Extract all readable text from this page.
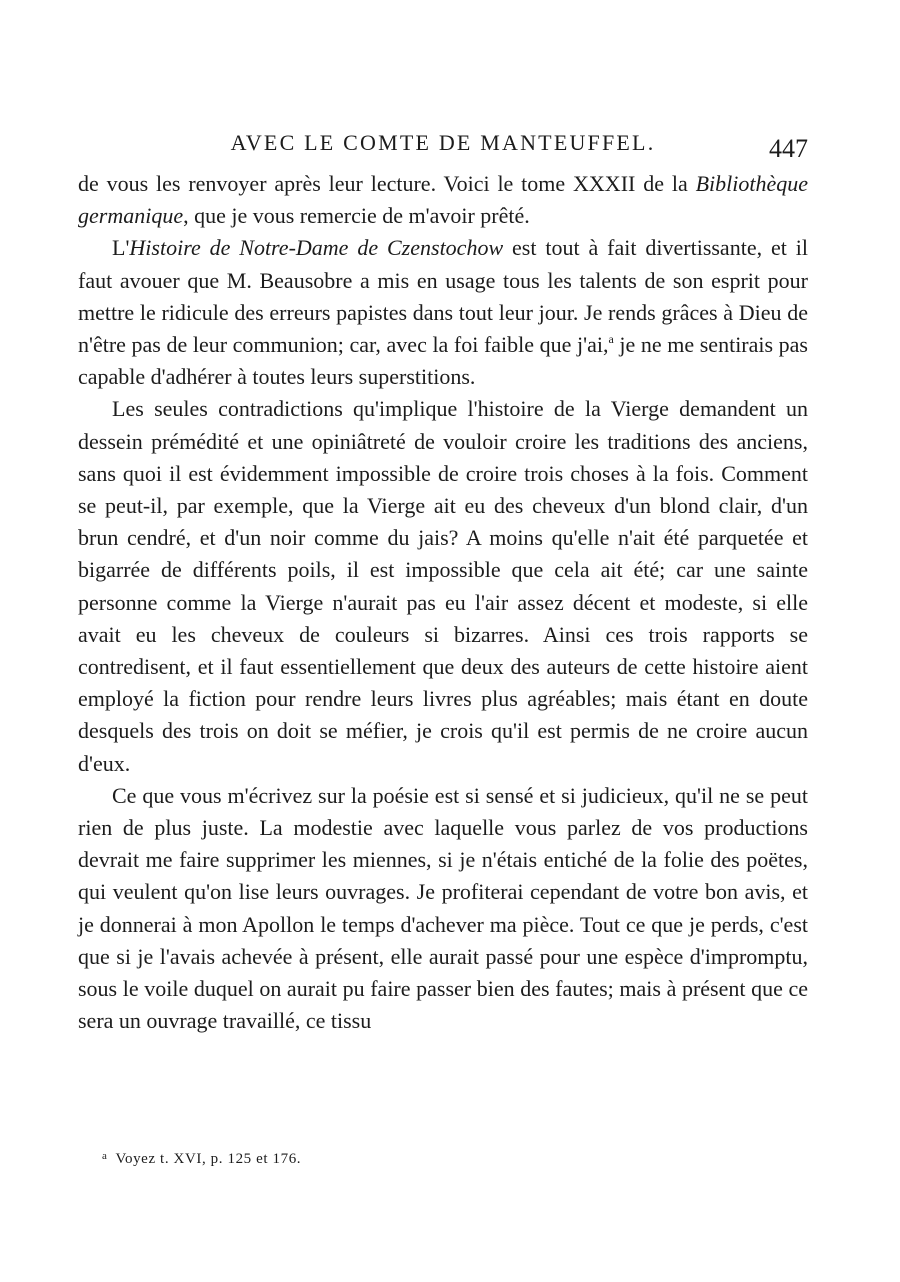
AVEC LE COMTE DE MANTEUFFEL.	447

de vous les renvoyer après leur lecture. Voici le tome XXXII de la Bibliothèque germanique, que je vous remercie de m'avoir prêté.

L'Histoire de Notre-Dame de Czenstochow est tout à fait divertissante, et il faut avouer que M. Beausobre a mis en usage tous les talents de son esprit pour mettre le ridicule des erreurs papistes dans tout leur jour. Je rends grâces à Dieu de n'être pas de leur communion; car, avec la foi faible que j'ai,$^a$ je ne me sentirais pas capable d'adhérer à toutes leurs superstitions.

Les seules contradictions qu'implique l'histoire de la Vierge demandent un dessein prémédité et une opiniâtreté de vouloir croire les traditions des anciens, sans quoi il est évidemment impossible de croire trois choses à la fois. Comment se peut-il, par exemple, que la Vierge ait eu des cheveux d'un blond clair, d'un brun cendré, et d'un noir comme du jais? A moins qu'elle n'ait été parquetée et bigarrée de différents poils, il est impossible que cela ait été; car une sainte personne comme la Vierge n'aurait pas eu l'air assez décent et modeste, si elle avait eu les cheveux de couleurs si bizarres. Ainsi ces trois rapports se contredisent, et il faut essentiellement que deux des auteurs de cette histoire aient employé la fiction pour rendre leurs livres plus agréables; mais étant en doute desquels des trois on doit se méfier, je crois qu'il est permis de ne croire aucun d'eux.

Ce que vous m'écrivez sur la poésie est si sensé et si judicieux, qu'il ne se peut rien de plus juste. La modestie avec laquelle vous parlez de vos productions devrait me faire supprimer les miennes, si je n'étais entiché de la folie des poëtes, qui veulent qu'on lise leurs ouvrages. Je profiterai cependant de votre bon avis, et je donnerai à mon Apollon le temps d'achever ma pièce. Tout ce que je perds, c'est que si je l'avais achevée à présent, elle aurait passé pour une espèce d'impromptu, sous le voile duquel on aurait pu faire passer bien des fautes; mais à présent que ce sera un ouvrage travaillé, ce tissu

$^a$ Voyez t. XVI, p. 125 et 176.
